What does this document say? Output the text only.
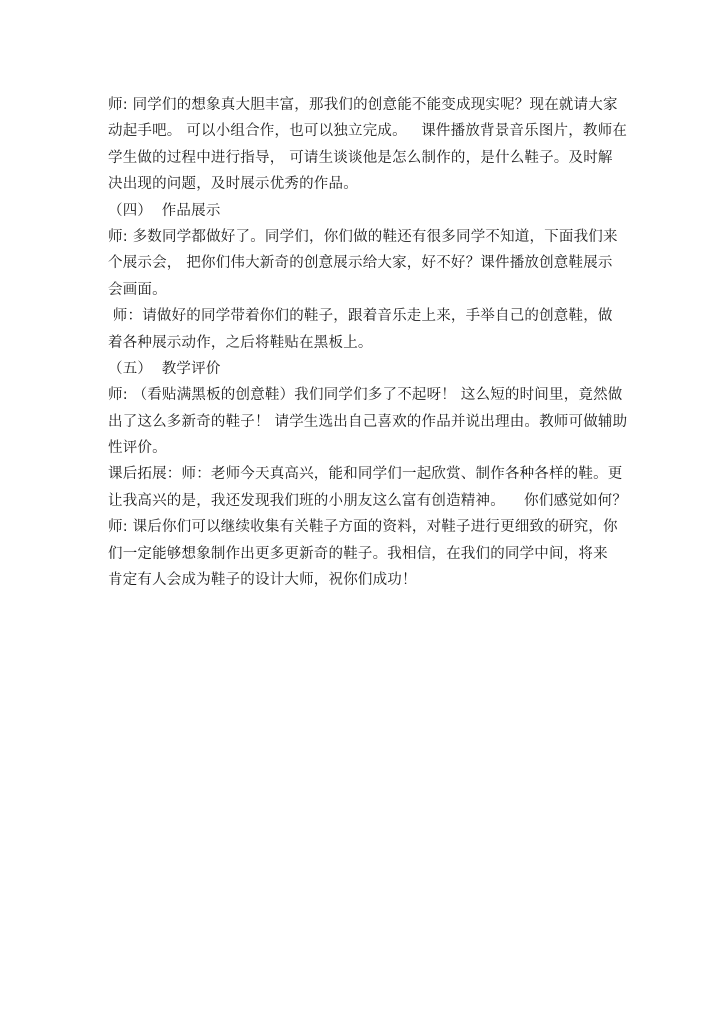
师: 同学们的想象真大胆丰富，那我们的创意能不能变成现实呢？现在就请大家
动起手吧。 可以小组合作，也可以独立完成。   课件播放背景音乐图片，教师在
学生做的过程中进行指导， 可请生谈谈他是怎么制作的，是什么鞋子。及时解
决出现的问题，及时展示优秀的作品。
（四）  作品展示
师: 多数同学都做好了。同学们，你们做的鞋还有很多同学不知道，下面我们来
个展示会， 把你们伟大新奇的创意展示给大家，好不好？课件播放创意鞋展示
会画面。
师：请做好的同学带着你们的鞋子，跟着音乐走上来，手举自己的创意鞋，做
着各种展示动作，之后将鞋贴在黑板上。
（五）  教学评价
师: （看贴满黑板的创意鞋）我们同学们多了不起呀！ 这么短的时间里，竟然做
出了这么多新奇的鞋子！ 请学生选出自己喜欢的作品并说出理由。教师可做辅助
性评价。
课后拓展：师：老师今天真高兴，能和同学们一起欣赏、制作各种各样的鞋。更
让我高兴的是，我还发现我们班的小朋友这么富有创造精神。    你们感觉如何？
师: 课后你们可以继续收集有关鞋子方面的资料，对鞋子进行更细致的研究，你
们一定能够想象制作出更多更新奇的鞋子。我相信，在我们的同学中间，将来
肯定有人会成为鞋子的设计大师，祝你们成功！
